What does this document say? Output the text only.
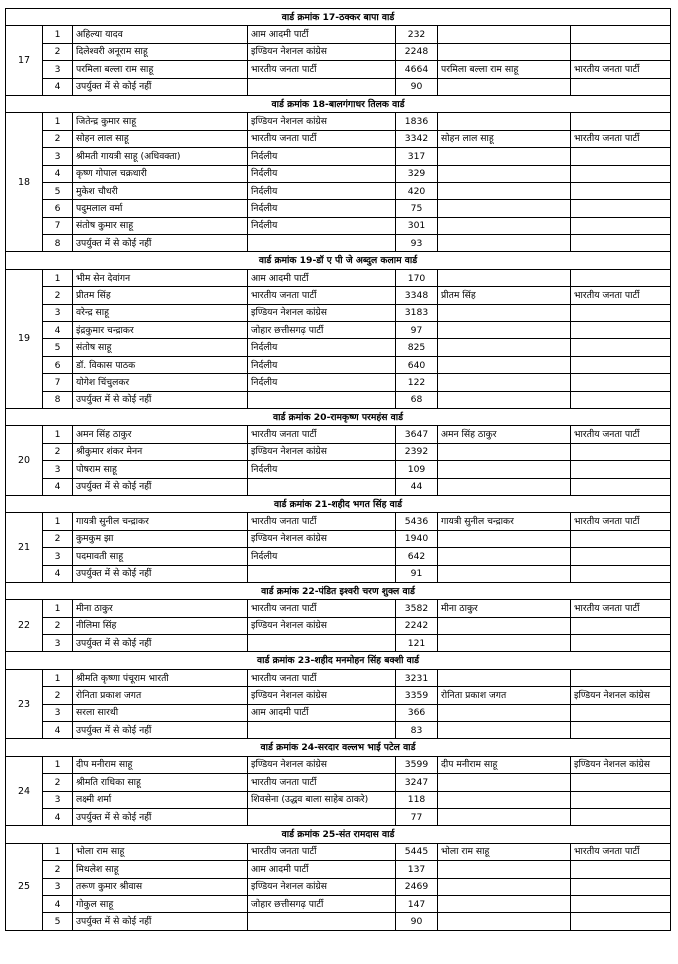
वार्ड क्रमांक 17-ठक्कर बापा वार्ड						
17	1	अहिल्या यादव	आम आदमी पार्टी	232		
	2	दिलेश्वरी अनूराम साहू	इण्डियन नेशनल कांग्रेस	2248		
	3	परमिला बल्ला राम साहू	भारतीय जनता पार्टी	4664	परमिला बल्ला राम साहू	भारतीय जनता पार्टी
	4	उपर्युक्त में से कोई नहीं		90		
वार्ड क्रमांक 18-बालगंगाधर तिलक वार्ड						
18	1	जितेन्द्र कुमार साहू	इण्डियन नेशनल कांग्रेस	1836		
	2	सोहन लाल साहू	भारतीय जनता पार्टी	3342	सोहन लाल साहू	भारतीय जनता पार्टी
	3	श्रीमती गायत्री साहू (अधिवक्ता)	निर्दलीय	317		
	4	कृष्ण गोपाल चक्रधारी	निर्दलीय	329		
	5	मुकेश चौधरी	निर्दलीय	420		
	6	पदुमलाल वर्मा	निर्दलीय	75		
	7	संतोष कुमार साहू	निर्दलीय	301		
	8	उपर्युक्त में से कोई नहीं		93		
वार्ड क्रमांक 19-डॉ ए पी जे अब्दुल कलाम वार्ड						
19	1	भीम सेन देवांगन	आम आदमी पार्टी	170		
	2	प्रीतम सिंह	भारतीय जनता पार्टी	3348	प्रीतम सिंह	भारतीय जनता पार्टी
	3	वरेन्द्र साहू	इण्डियन नेशनल कांग्रेस	3183		
	4	इंद्रकुमार चन्द्राकर	जोहार छत्तीसगढ़ पार्टी	97		
	5	संतोष साहू	निर्दलीय	825		
	6	डॉ. विकास पाठक	निर्दलीय	640		
	7	योगेश चिंचुलकर	निर्दलीय	122		
	8	उपर्युक्त में से कोई नहीं		68		
वार्ड क्रमांक 20-रामकृष्ण परमहंस वार्ड						
20	1	अमन सिंह ठाकुर	भारतीय जनता पार्टी	3647	अमन सिंह ठाकुर	भारतीय जनता पार्टी
	2	श्रीकुमार शंकर मेनन	इण्डियन नेशनल कांग्रेस	2392		
	3	पोषराम साहू	निर्दलीय	109		
	4	उपर्युक्त में से कोई नहीं		44		
वार्ड क्रमांक 21-शहीद भगत सिंह वार्ड						
21	1	गायत्री सुनील चन्द्राकर	भारतीय जनता पार्टी	5436	गायत्री सुनील चन्द्राकर	भारतीय जनता पार्टी
	2	कुमकुम झा	इण्डियन नेशनल कांग्रेस	1940		
	3	पदमावती साहू	निर्दलीय	642		
	4	उपर्युक्त में से कोई नहीं		91		
वार्ड क्रमांक 22-पंडित इश्वरी चरण शुक्ल वार्ड						
22	1	मीना ठाकुर	भारतीय जनता पार्टी	3582	मीना ठाकुर	भारतीय जनता पार्टी
	2	नीलिमा सिंह	इण्डियन नेशनल कांग्रेस	2242		
	3	उपर्युक्त में से कोई नहीं		121		
वार्ड क्रमांक 23-शहीद मनमोहन सिंह बक्शी वार्ड						
23	1	श्रीमति कृष्णा पंचूराम भारती	भारतीय जनता पार्टी	3231		
	2	रोनिता प्रकाश जगत	इण्डियन नेशनल कांग्रेस	3359	रोनिता प्रकाश जगत	इण्डियन नेशनल कांग्रेस
	3	सरला सारथी	आम आदमी पार्टी	366		
	4	उपर्युक्त में से कोई नहीं		83		
वार्ड क्रमांक 24-सरदार वल्लभ भाई पटेल वार्ड						
24	1	दीप मनीराम साहू	इण्डियन नेशनल कांग्रेस	3599	दीप मनीराम साहू	इण्डियन नेशनल कांग्रेस
	2	श्रीमति राधिका साहू	भारतीय जनता पार्टी	3247		
	3	लक्ष्मी शर्मा	शिवसेना (उद्धव बाला साहेब ठाकरे)	118		
	4	उपर्युक्त में से कोई नहीं		77		
वार्ड क्रमांक 25-संत रामदास वार्ड						
25	1	भोला राम साहू	भारतीय जनता पार्टी	5445	भोला राम साहू	भारतीय जनता पार्टी
	2	मिथलेश साहू	आम आदमी पार्टी	137		
	3	तरूण कुमार श्रीवास	इण्डियन नेशनल कांग्रेस	2469		
	4	गोकुल साहू	जोहार छत्तीसगढ़ पार्टी	147		
	5	उपर्युक्त में से कोई नहीं		90		
